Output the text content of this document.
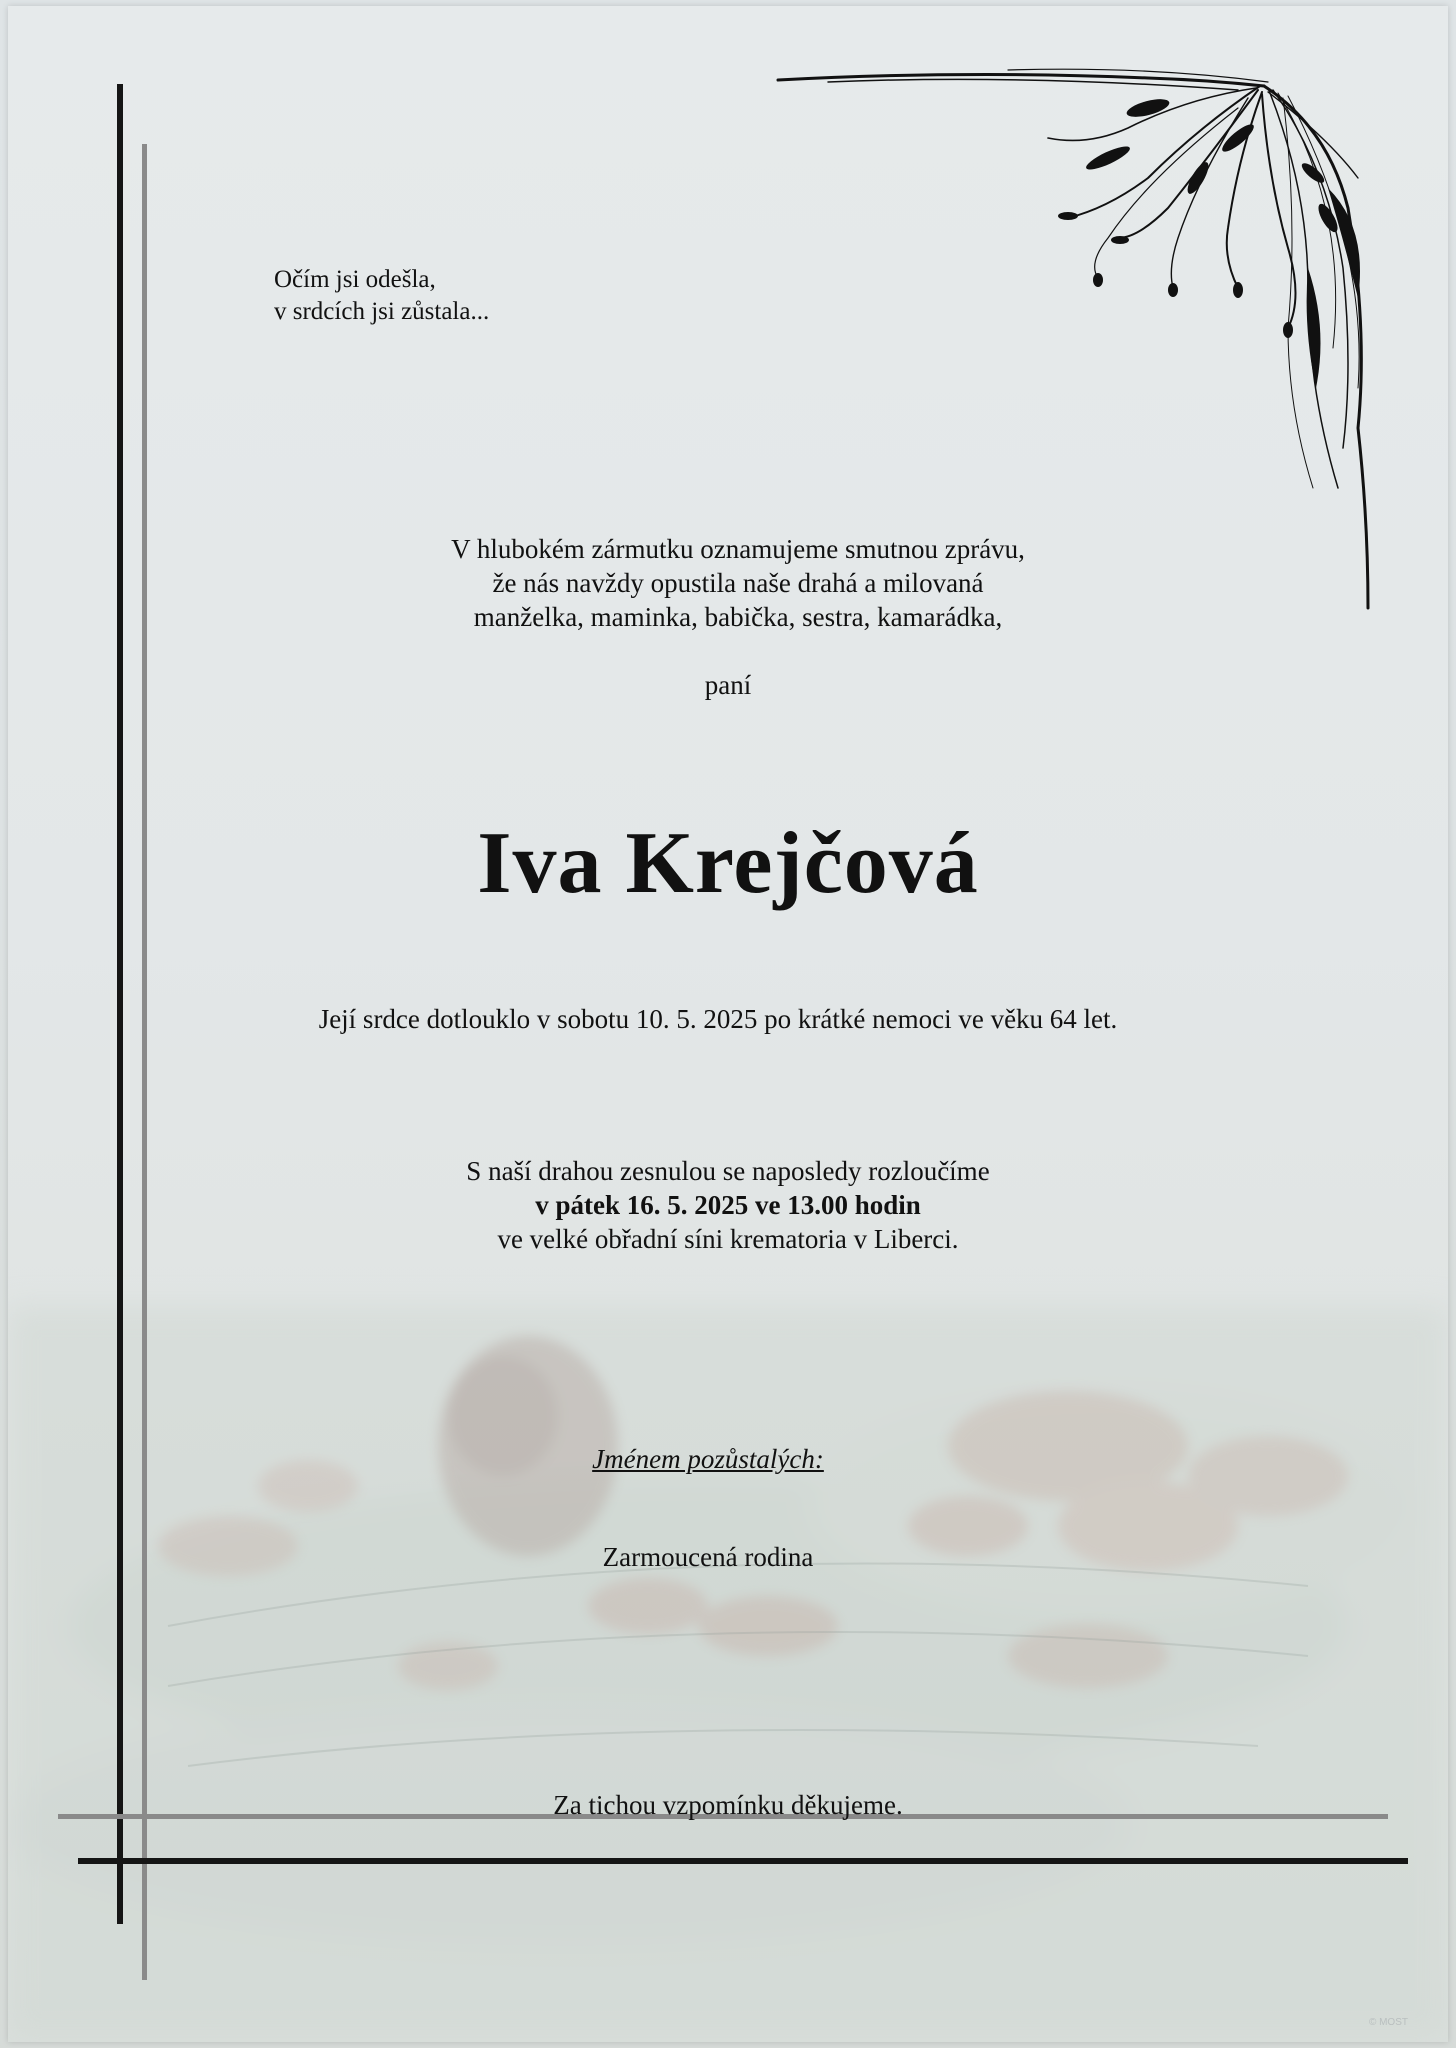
Očím jsi odešla,
v srdcích jsi zůstala...
V hlubokém zármutku oznamujeme smutnou zprávu,
že nás navždy opustila naše drahá a milovaná
manželka, maminka, babička, sestra, kamarádka,
paní
Iva Krejčová
Její srdce dotlouklo v sobotu 10. 5. 2025 po krátké nemoci ve věku 64 let.
S naší drahou zesnulou se naposledy rozloučíme
v pátek 16. 5. 2025 ve 13.00 hodin
ve velké obřadní síni krematoria v Liberci.
Jménem pozůstalých:
Zarmoucená rodina
Za tichou vzpomínku děkujeme.
© MOST
